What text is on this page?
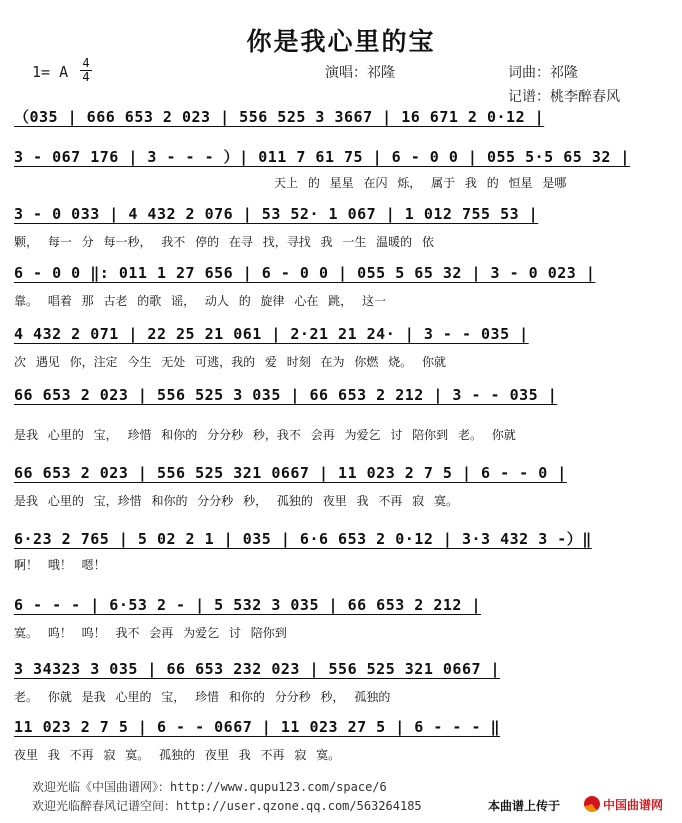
你是我心里的宝
1= A 4
4	演唱：祁隆	词曲：祁隆
记谱：桃李醉春风
（035 | 666 653 2 023 | 556 525 3 3667 | 16 671 2 0·12 |
3 - 067 176 | 3 - - - ）| 011 7 61 75 | 6 - 0 0 | 055 5·5 65 32 |
天上 的 星星 在闪 烁， 属于 我 的 恒星 是哪
3 - 0 033 | 4 432 2 076 | 53 52· 1 067 | 1 012 755 53 |
颗， 每一 分 每一秒， 我不 停的 在寻 找，寻找 我 一生 温暖的 依
6 - 0 0 ‖: 011 1 27 656 | 6 - 0 0 | 055 5 65 32 | 3 - 0 023 |
靠。 唱着 那 古老 的歌 谣， 动人 的 旋律 心在 跳， 这一
4 432 2 071 | 22 25 21 061 | 2·21 21 24· | 3 - - 035 |
次 遇见 你，注定 今生 无处 可逃，我的 爱 时刻 在为 你燃 烧。 你就
66 653 2 023 | 556 525 3 035 | 66 653 2 212 | 3 - - 035 |
是我 心里的 宝， 珍惜 和你的 分分秒 秒，我不 会再 为爱乞 讨 陪你到 老。 你就
66 653 2 023 | 556 525 321 0667 | 11 023 2 7 5 | 6 - - 0 |
是我 心里的 宝，珍惜 和你的 分分秒 秒， 孤独的 夜里 我 不再 寂 寞。
6·23 2 765 | 5 02 2 1 | 035 | 6·6 653 2 0·12 | 3·3 432 3 -）‖
啊！ 哦！ 嗯！
6 - - - | 6·53 2 - | 5 532 3 035 | 66 653 2 212 |
寞。 呜！ 呜！ 我不 会再 为爱乞 讨 陪你到
3 34323 3 035 | 66 653 232 023 | 556 525 321 0667 |
老。 你就 是我 心里的 宝， 珍惜 和你的 分分秒 秒， 孤独的
11 023 2 7 5 | 6 - - 0667 | 11 023 27 5 | 6 - - - ‖
夜里 我 不再 寂 寞。 孤独的 夜里 我 不再 寂 寞。
欢迎光临《中国曲谱网》：http://www.qupu123.com/space/6
欢迎光临醉春风记谱空间：http://user.qzone.qq.com/563264185	本曲谱上传于	中国曲谱网
